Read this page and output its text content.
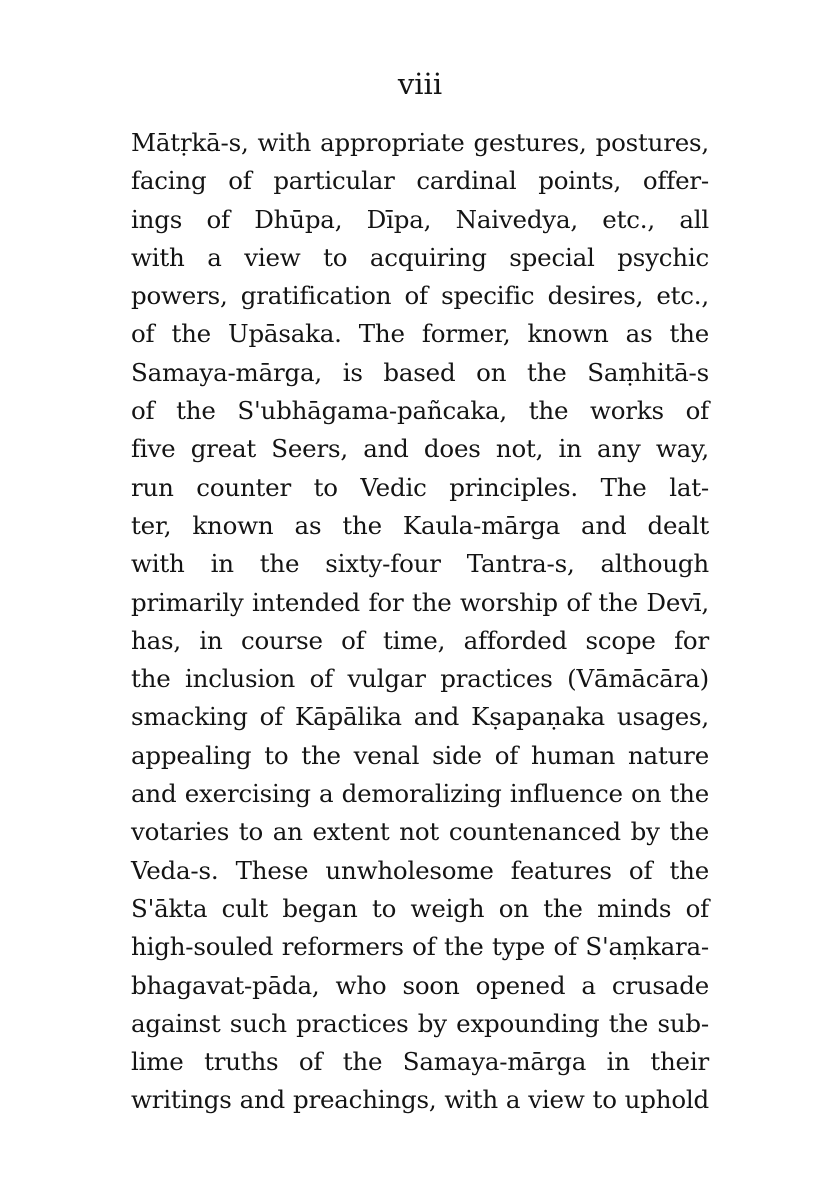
viii
Mātṛkā-s, with appropriate gestures, postures,
facing of particular cardinal points, offer-
ings of Dhūpa, Dīpa, Naivedya, etc., all
with a view to acquiring special psychic
powers, gratification of specific desires, etc.,
of the Upāsaka. The former, known as the
Samaya-mārga, is based on the Saṃhitā-s
of the S'ubhāgama-pañcaka, the works of
five great Seers, and does not, in any way,
run counter to Vedic principles. The lat-
ter, known as the Kaula-mārga and dealt
with in the sixty-four Tantra-s, although
primarily intended for the worship of the Devī,
has, in course of time, afforded scope for
the inclusion of vulgar practices (Vāmācāra)
smacking of Kāpālika and Kṣapaṇaka usages,
appealing to the venal side of human nature
and exercising a demoralizing influence on the
votaries to an extent not countenanced by the
Veda-s. These unwholesome features of the
S'ākta cult began to weigh on the minds of
high-souled reformers of the type of S'aṃkara-
bhagavat-pāda, who soon opened a crusade
against such practices by expounding the sub-
lime truths of the Samaya-mārga in their
writings and preachings, with a view to uphold
